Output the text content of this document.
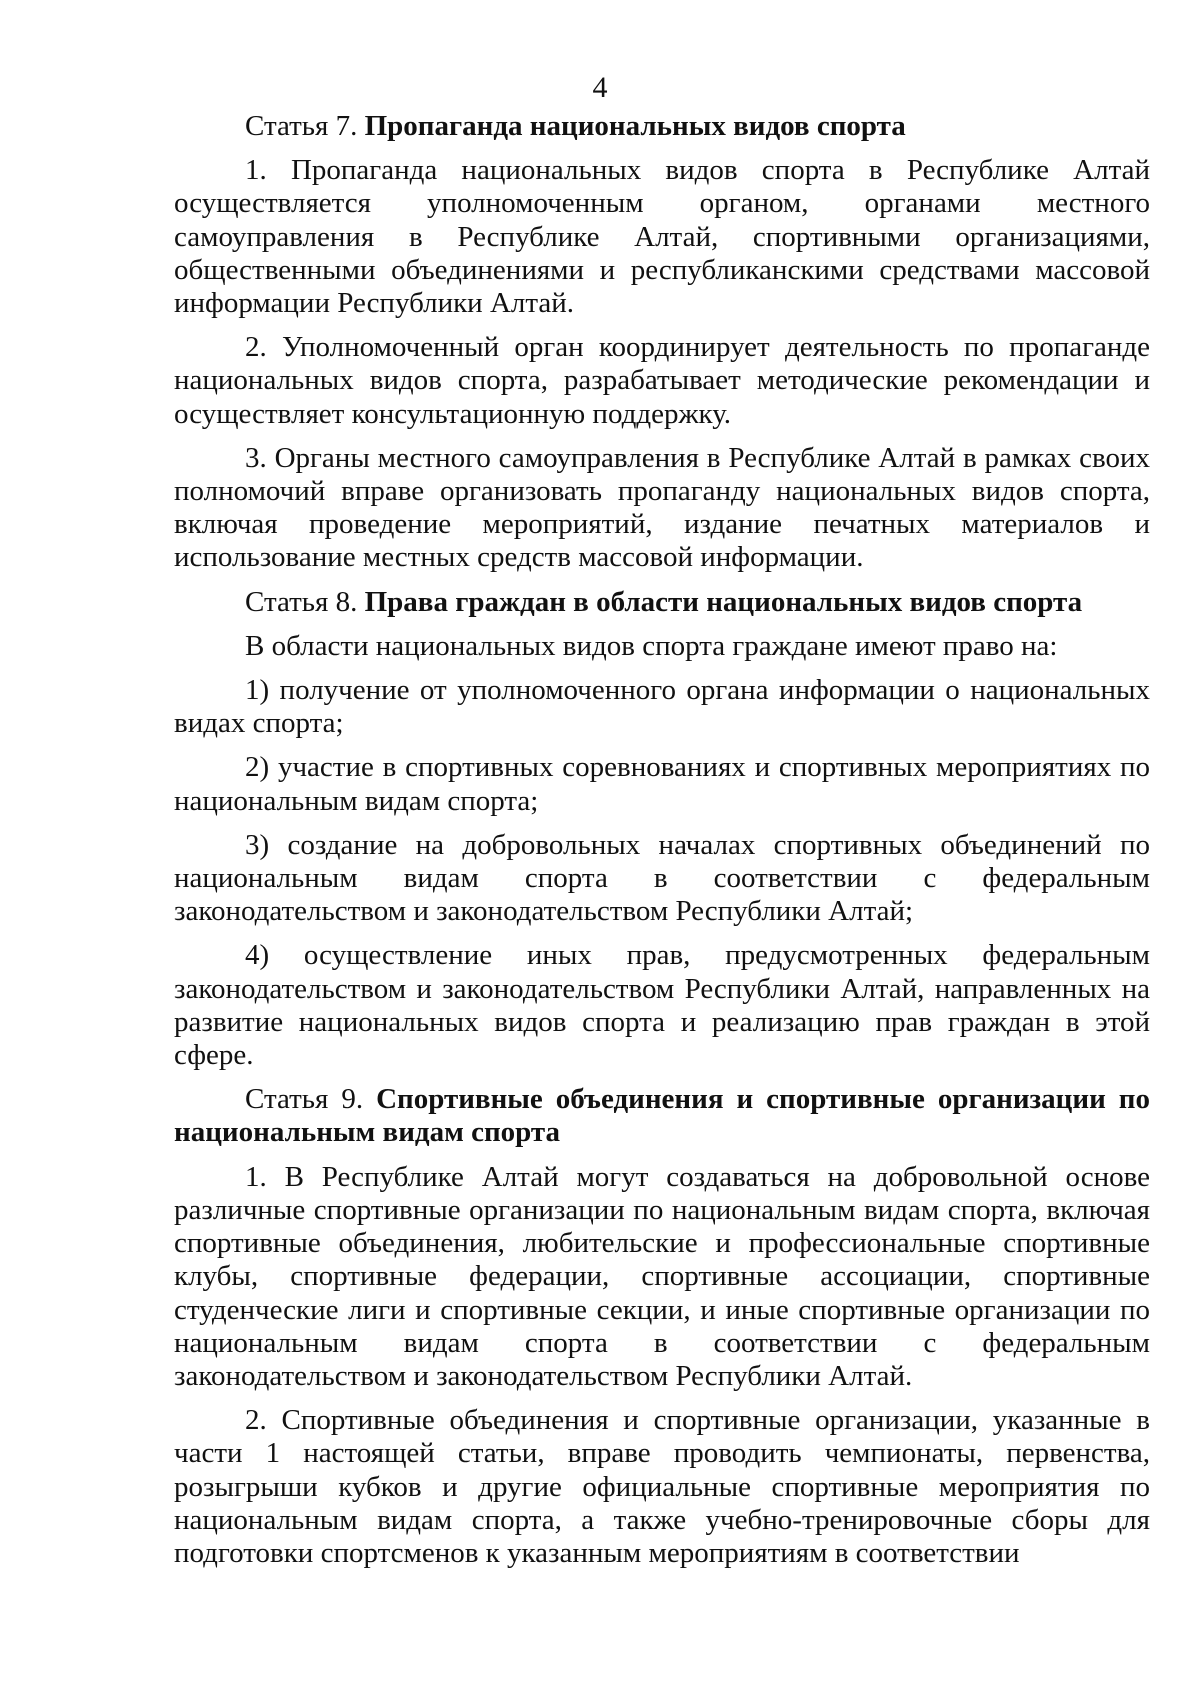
4

Статья 7. Пропаганда национальных видов спорта

1. Пропаганда национальных видов спорта в Республике Алтай осуществляется уполномоченным органом, органами местного самоуправления в Республике Алтай, спортивными организациями, общественными объединениями и республиканскими средствами массовой информации Республики Алтай.

2. Уполномоченный орган координирует деятельность по пропаганде национальных видов спорта, разрабатывает методические рекомендации и осуществляет консультационную поддержку.

3. Органы местного самоуправления в Республике Алтай в рамках своих полномочий вправе организовать пропаганду национальных видов спорта, включая проведение мероприятий, издание печатных материалов и использование местных средств массовой информации.

Статья 8. Права граждан в области национальных видов спорта

В области национальных видов спорта граждане имеют право на:

1) получение от уполномоченного органа информации о национальных видах спорта;

2) участие в спортивных соревнованиях и спортивных мероприятиях по национальным видам спорта;

3) создание на добровольных началах спортивных объединений по национальным видам спорта в соответствии с федеральным законодательством и законодательством Республики Алтай;

4) осуществление иных прав, предусмотренных федеральным законодательством и законодательством Республики Алтай, направленных на развитие национальных видов спорта и реализацию прав граждан в этой сфере.

Статья 9. Спортивные объединения и спортивные организации по национальным видам спорта

1. В Республике Алтай могут создаваться на добровольной основе различные спортивные организации по национальным видам спорта, включая спортивные объединения, любительские и профессиональные спортивные клубы, спортивные федерации, спортивные ассоциации, спортивные студенческие лиги и спортивные секции, и иные спортивные организации по национальным видам спорта в соответствии с федеральным законодательством и законодательством Республики Алтай.

2. Спортивные объединения и спортивные организации, указанные в части 1 настоящей статьи, вправе проводить чемпионаты, первенства, розыгрыши кубков и другие официальные спортивные мероприятия по национальным видам спорта, а также учебно-тренировочные сборы для подготовки спортсменов к указанным мероприятиям в соответствии
